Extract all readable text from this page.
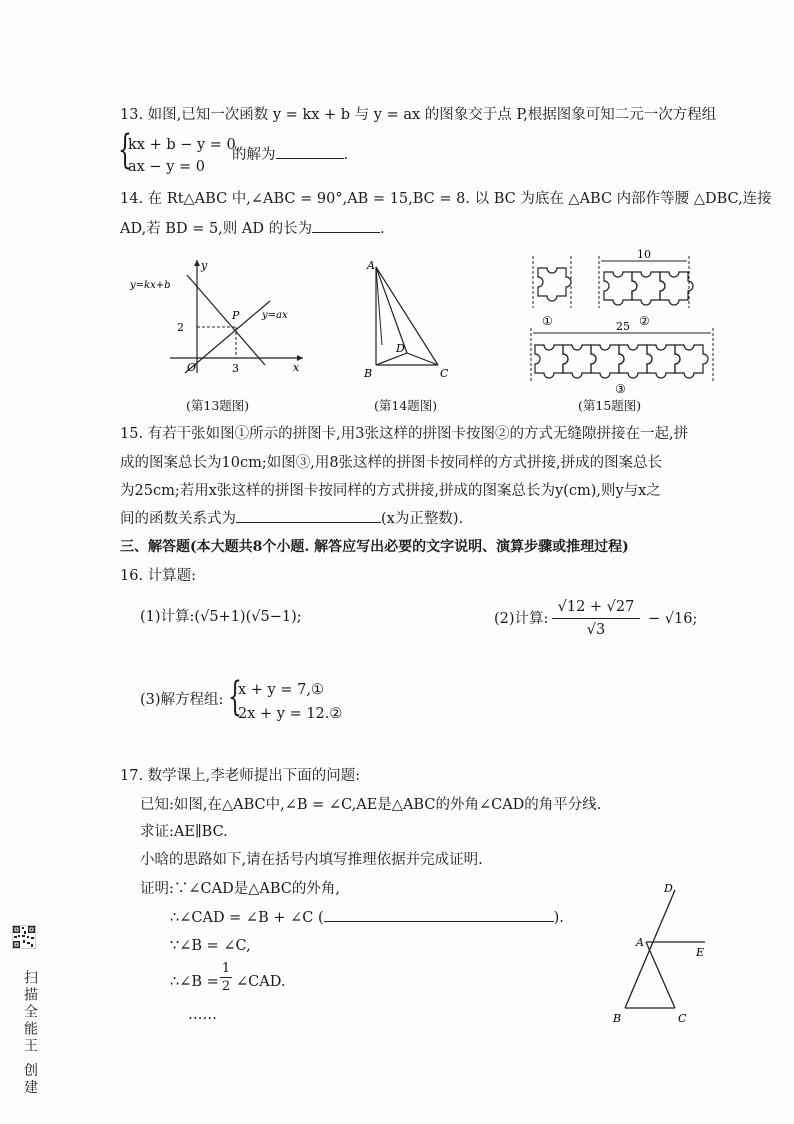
13. 如图,已知一次函数 y = kx + b 与 y = ax 的图象交于点 P,根据图象可知二元一次方程组
{
kx + b − y = 0,
ax − y = 0
的解为	.
14. 在 Rt△ABC 中,∠ABC = 90°,AB = 15,BC = 8. 以 BC 为底在 △ABC 内部作等腰 △DBC,连接
AD,若 BD = 5,则 AD 的长为	.
y=kx+b
y=ax
P
O	x
y
2
3
(第13题图)
A
B	C
D
(第14题图)
①
10
②
25
③
(第15题图)
15. 有若干张如图①所示的拼图卡,用3张这样的拼图卡按图②的方式无缝隙拼接在一起,拼
成的图案总长为10cm;如图③,用8张这样的拼图卡按同样的方式拼接,拼成的图案总长
为25cm;若用x张这样的拼图卡按同样的方式拼接,拼成的图案总长为y(cm),则y与x之
间的函数关系式为	(x为正整数).
三、解答题(本大题共8个小题. 解答应写出必要的文字说明、演算步骤或推理过程)
16. 计算题:
(1)计算:(√5+1)(√5−1);	(2)计算:
√12 + √27
√3
− √16;
(3)解方程组: {
x + y = 7,①
2x + y = 12.②
17. 数学课上,李老师提出下面的问题:
已知:如图,在△ABC中,∠B = ∠C,AE是△ABC的外角∠CAD的角平分线.
求证:AE∥BC.
小晗的思路如下,请在括号内填写推理依据并完成证明.
证明:∵∠CAD是△ABC的外角,
∴∠CAD = ∠B + ∠C (	).
∵∠B = ∠C,
∴∠B =
1
2 ∠CAD.
……
D
A
E
B	C
扫描全能王 创建
